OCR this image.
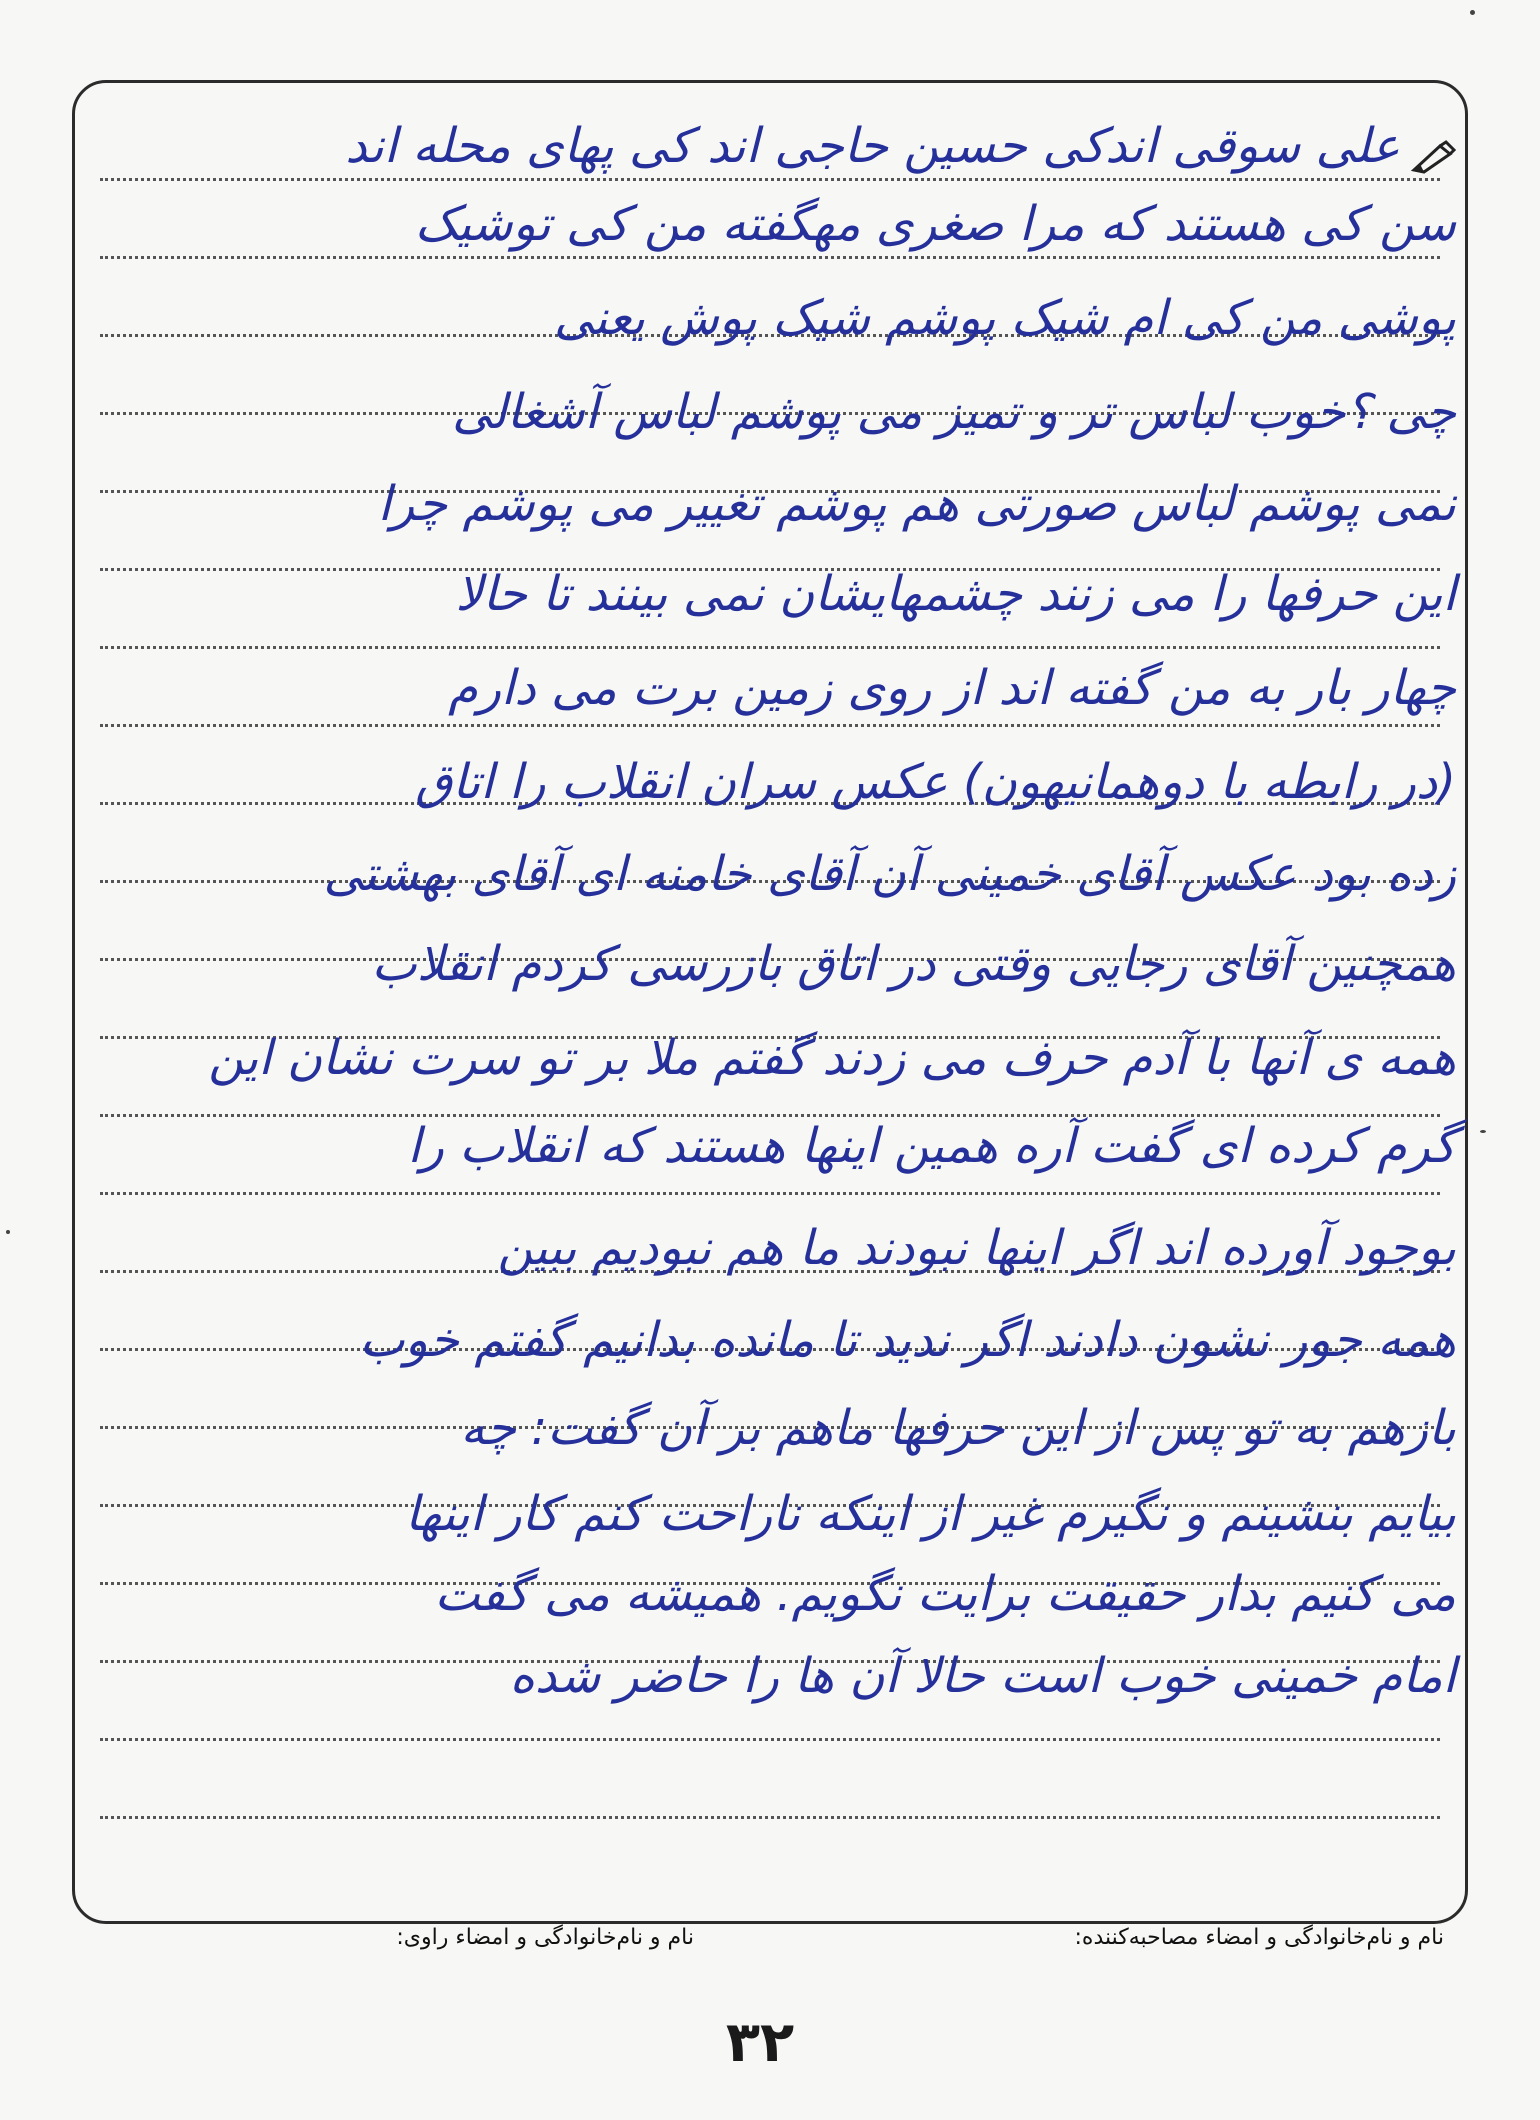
علی سوقی اندکی حسین حاجی اند کی پهای محله اند
سن کی هستند که مرا صغری مهگفته من کی توشیک
پوشی من کی ام شیک پوشم شیک پوش یعنی
چی ؟خوب لباس تر و تمیز می پوشم لباس آشغالی
نمی پوشم لباس صورتی هم پوشم تغییر می پوشم چرا
این حرفها را می زنند چشمهایشان نمی بینند تا حالا
چهار بار به من گفته اند از روی زمین برت می دارم
(در رابطه با دوهمانیهون) عکس سران انقلاب را اتاق
زده بود عکس آقای خمینی آن آقای خامنه ای آقای بهشتی
همچنین آقای رجایی وقتی در اتاق بازرسی کردم انقلاب
همه ی آنها با آدم حرف می زدند گفتم ملا بر تو سرت نشان این
گرم کرده ای گفت آره همین اینها هستند که انقلاب را
بوجود آورده اند اگر اینها نبودند ما هم نبودیم ببین
همه جور نشون دادند اگر ندید تا مانده بدانیم گفتم خوب
بازهم به تو پس از این حرفها ماهم بر آن گفت: چه
بیایم بنشینم و نگیرم غیر از اینکه ناراحت کنم کار اینها
می کنیم بدار حقیقت برایت نگویم. همیشه می گفت
امام خمینی خوب است حالا آن ها را حاضر شده
نام و نام‌خانوادگی و امضاء مصاحبه‌کننده:
نام و نام‌خانوادگی و امضاء راوی:
۳۲
